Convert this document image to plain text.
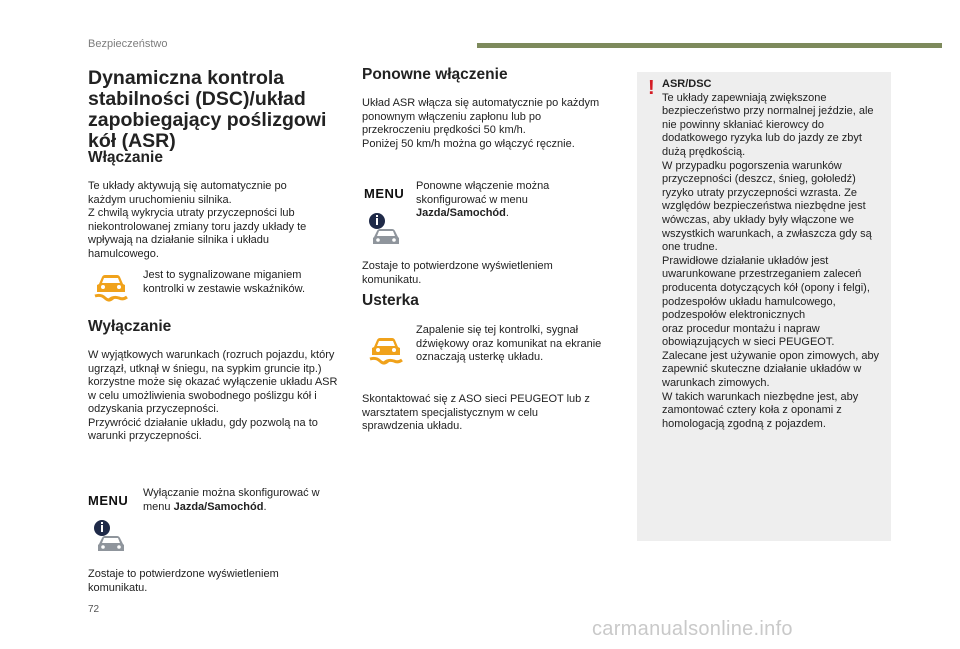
Bezpieczeństwo
Dynamiczna kontrola stabilności (DSC)/układ zapobiegający poślizgowi kół (ASR)
Włączanie
Te układy aktywują się automatycznie po każdym uruchomieniu silnika.
Z chwilą wykrycia utraty przyczepności lub niekontrolowanej zmiany toru jazdy układy te wpływają na działanie silnika i układu hamulcowego.
Jest to sygnalizowane miganiem kontrolki w zestawie wskaźników.
Wyłączanie
W wyjątkowych warunkach (rozruch pojazdu, który ugrzązł, utknął w śniegu, na sypkim gruncie itp.) korzystne może się okazać wyłączenie układu ASR w celu umożliwienia swobodnego poślizgu kół i odzyskania przyczepności.
Przywrócić działanie układu, gdy pozwolą na to warunki przyczepności.
MENU Wyłączanie można skonfigurować w menu Jazda/Samochód.
Zostaje to potwierdzone wyświetleniem komunikatu.
Ponowne włączenie
Układ ASR włącza się automatycznie po każdym ponownym włączeniu zapłonu lub po przekroczeniu prędkości 50 km/h.
Poniżej 50 km/h można go włączyć ręcznie.
MENU Ponowne włączenie można skonfigurować w menu Jazda/Samochód.
Zostaje to potwierdzone wyświetleniem komunikatu.
Usterka
Zapalenie się tej kontrolki, sygnał dźwiękowy oraz komunikat na ekranie oznaczają usterkę układu.
Skontaktować się z ASO sieci PEUGEOT lub z warsztatem specjalistycznym w celu sprawdzenia układu.
! ASR/DSC
Te układy zapewniają zwiększone bezpieczeństwo przy normalnej jeździe, ale nie powinny skłaniać kierowcy do dodatkowego ryzyka lub do jazdy ze zbyt dużą prędkością.
W przypadku pogorszenia warunków przyczepności (deszcz, śnieg, gołoledź) ryzyko utraty przyczepności wzrasta. Ze względów bezpieczeństwa niezbędne jest wówczas, aby układy były włączone we wszystkich warunkach, a zwłaszcza gdy są one trudne.
Prawidłowe działanie układów jest uwarunkowane przestrzeganiem zaleceń producenta dotyczących kół (opony i felgi), podzespołów układu hamulcowego, podzespołów elektronicznych
oraz procedur montażu i napraw obowiązujących w sieci PEUGEOT.
Zalecane jest używanie opon zimowych, aby zapewnić skuteczne działanie układów w warunkach zimowych.
W takich warunkach niezbędne jest, aby zamontować cztery koła z oponami z homologacją zgodną z pojazdem.
72
carmanualsonline.info
